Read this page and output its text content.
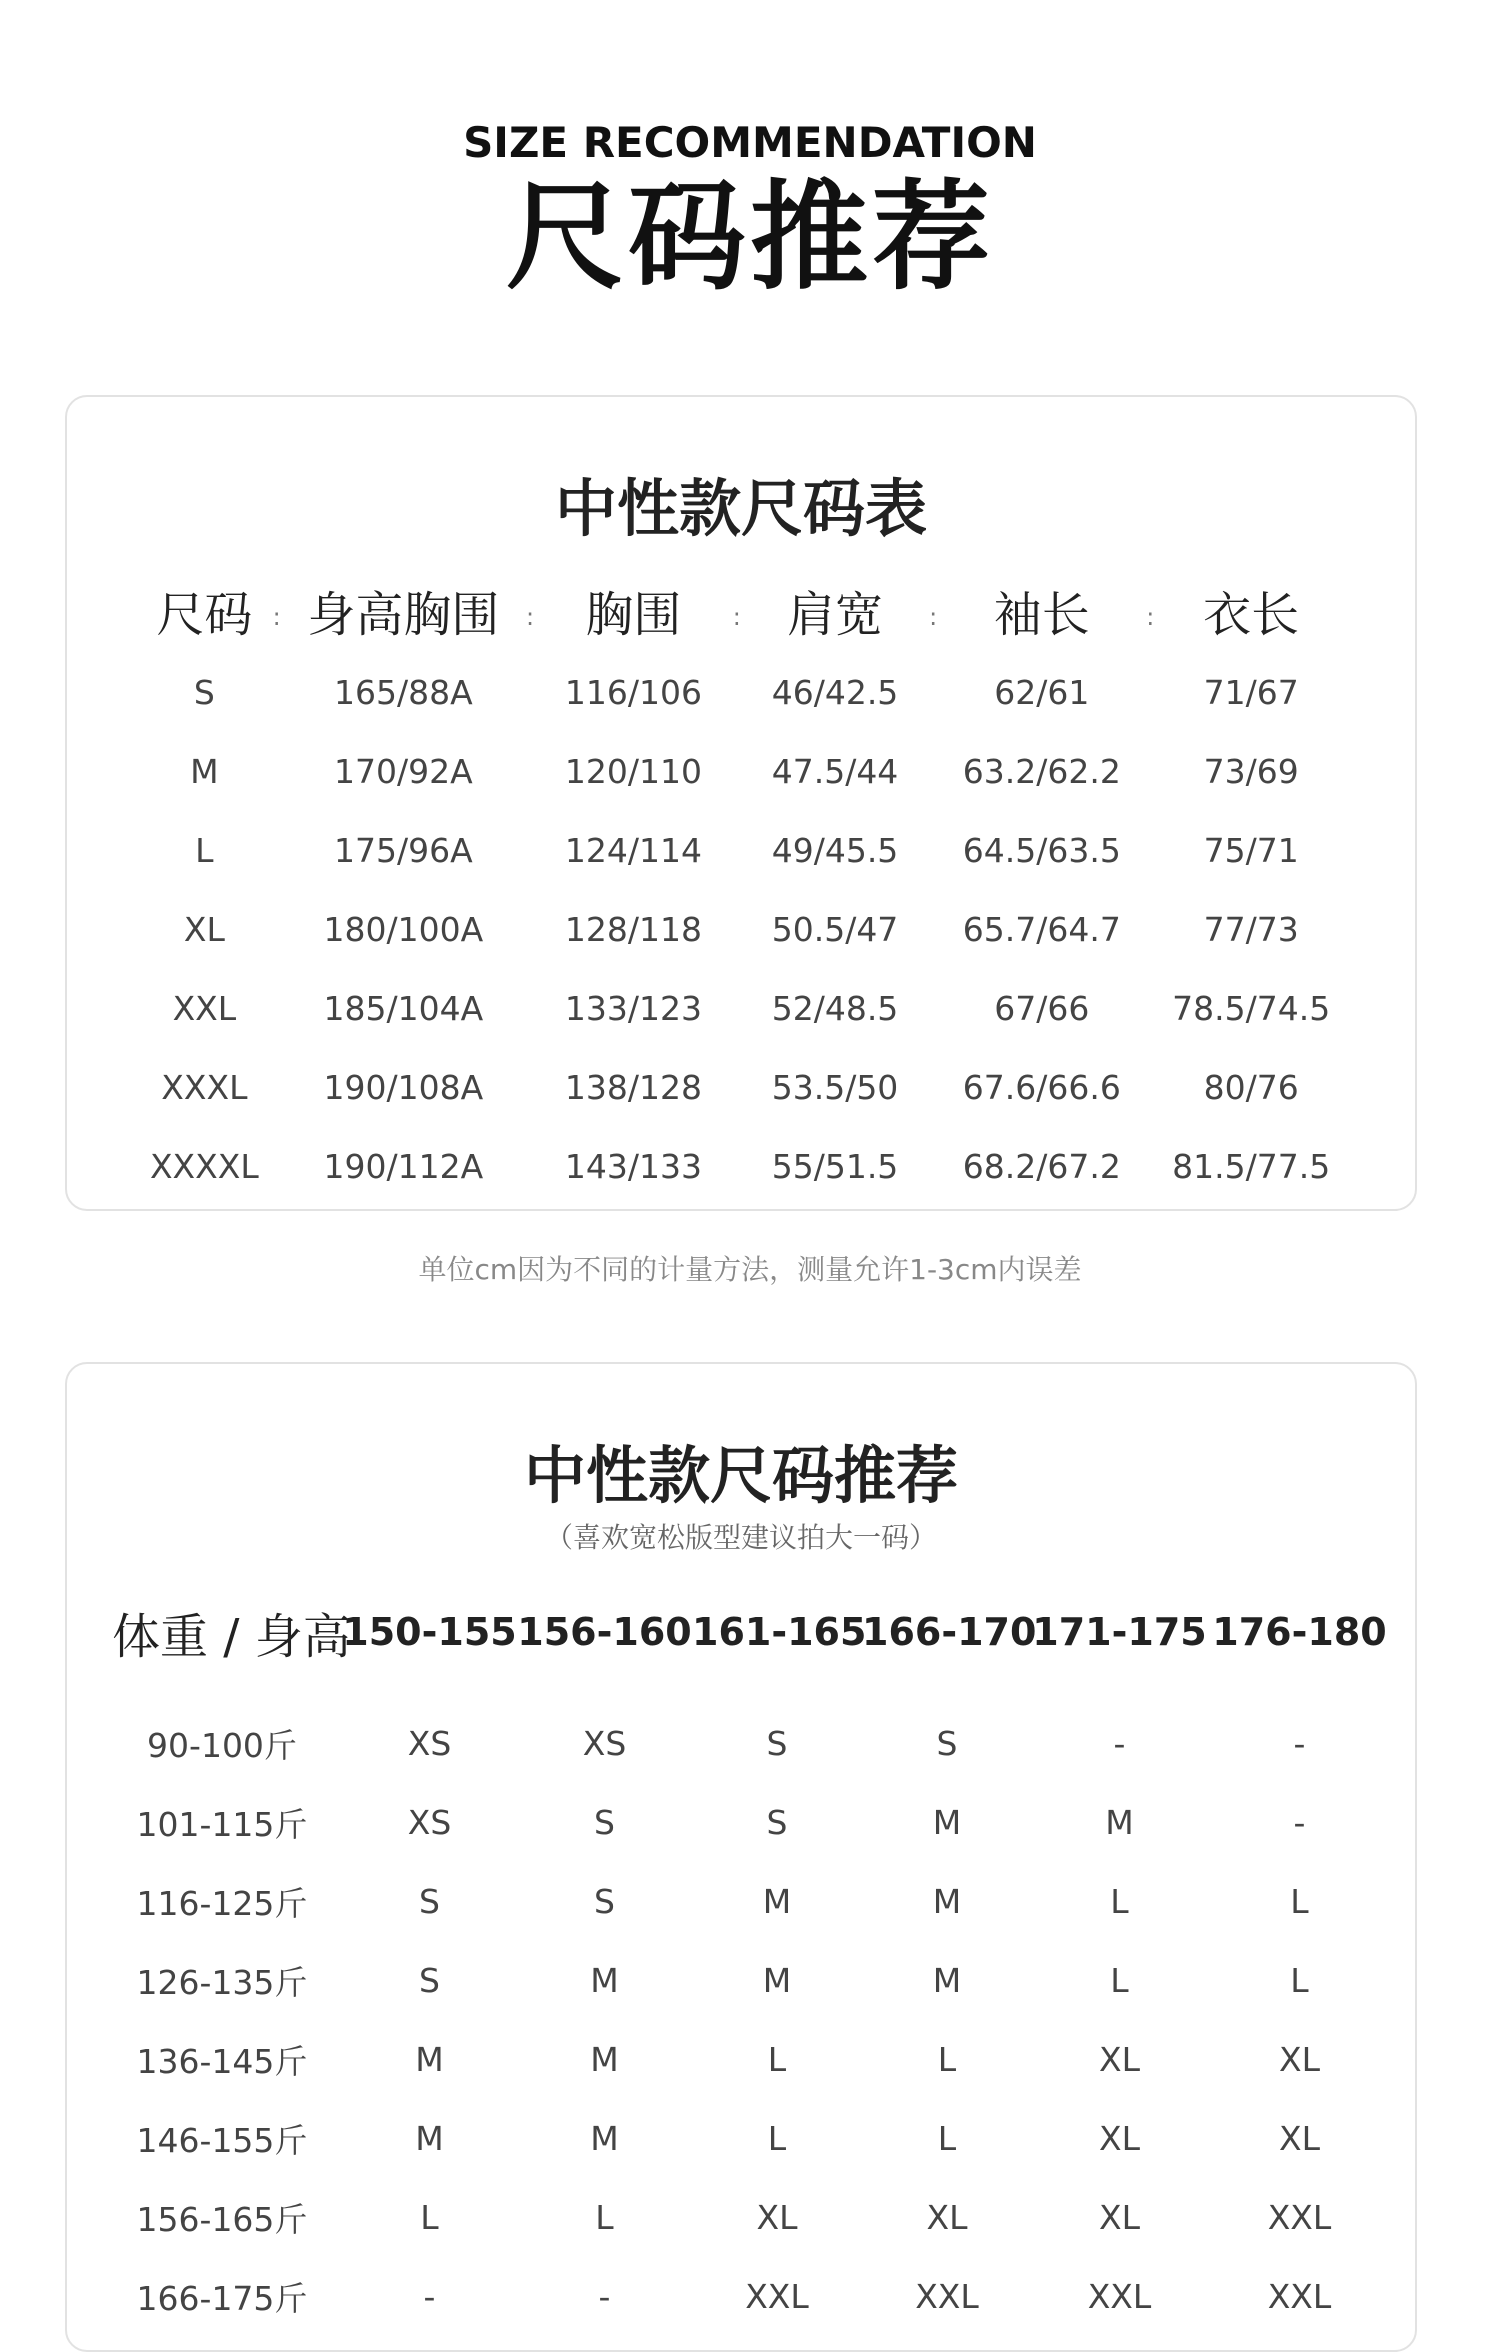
SIZE RECOMMENDATION
尺码推荐
中性款尺码表
尺码 :	身高胸围 :	胸围 :	肩宽 :	袖长 :	衣长
S	165/88A	116/106	46/42.5	62/61	71/67
M	170/92A	120/110	47.5/44	63.2/62.2	73/69
L	175/96A	124/114	49/45.5	64.5/63.5	75/71
XL	180/100A	128/118	50.5/47	65.7/64.7	77/73
XXL	185/104A	133/123	52/48.5	67/66	78.5/74.5
XXXL	190/108A	138/128	53.5/50	67.6/66.6	80/76
XXXXL	190/112A	143/133	55/51.5	68.2/67.2	81.5/77.5
单位cm因为不同的计量方法，测量允许1-3cm内误差
中性款尺码推荐
（喜欢宽松版型建议拍大一码）
体重 / 身高	150-155	156-160	161-165	166-170	171-175	176-180

90-100斤	XS	XS	S	S	-	-
101-115斤	XS	S	S	M	M	-
116-125斤	S	S	M	M	L	L
126-135斤	S	M	M	M	L	L
136-145斤	M	M	L	L	XL	XL
146-155斤	M	M	L	L	XL	XL
156-165斤	L	L	XL	XL	XL	XXL
166-175斤	-	-	XXL	XXL	XXL	XXL
